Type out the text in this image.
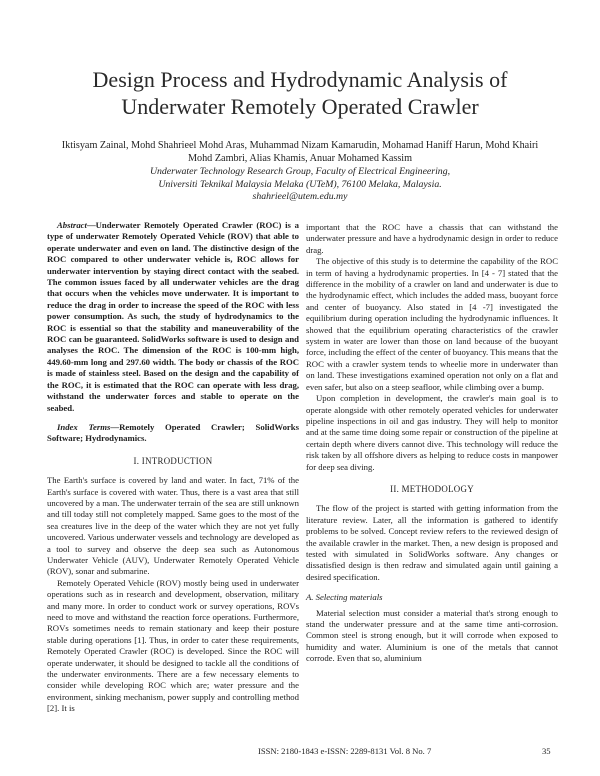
Design Process and Hydrodynamic Analysis of
Underwater Remotely Operated Crawler
Iktisyam Zainal, Mohd Shahrieel Mohd Aras, Muhammad Nizam Kamarudin, Mohamad Haniff Harun, Mohd Khairi
Mohd Zambri, Alias Khamis, Anuar Mohamed Kassim
Underwater Technology Research Group, Faculty of Electrical Engineering,
Universiti Teknikal Malaysia Melaka (UTeM), 76100 Melaka, Malaysia.
shahrieel@utem.edu.my

Abstract—Underwater Remotely Operated Crawler (ROC) is a type of underwater Remotely Operated Vehicle (ROV) that able to operate underwater and even on land. The distinctive design of the ROC compared to other underwater vehicle is, ROC allows for underwater intervention by staying direct contact with the seabed. The common issues faced by all underwater vehicles are the drag that occurs when the vehicles move underwater. It is important to reduce the drag in order to increase the speed of the ROC with less power consumption. As such, the study of hydrodynamics to the ROC is essential so that the stability and maneuverability of the ROC can be guaranteed. SolidWorks software is used to design and analyses the ROC. The dimension of the ROC is 100-mm high, 449.60-mm long and 297.60 width. The body or chassis of the ROC is made of stainless steel. Based on the design and the capability of the ROC, it is estimated that the ROC can operate with less drag, withstand the underwater forces and stable to operate on the seabed.

Index Terms—Remotely Operated Crawler; SolidWorks Software; Hydrodynamics.

I. INTRODUCTION

The Earth's surface is covered by land and water. In fact, 71% of the Earth's surface is covered with water. Thus, there is a vast area that still uncovered by a man. The underwater terrain of the sea are still unknown and till today still not completely mapped. Same goes to the most of the sea creatures live in the deep of the water which they are not yet fully uncovered. Various underwater vessels and technology are developed as a tool to survey and observe the deep sea such as Autonomous Underwater Vehicle (AUV), Underwater Remotely Operated Vehicle (ROV), sonar and submarine.

Remotely Operated Vehicle (ROV) mostly being used in underwater operations such as in research and development, observation, military and many more. In order to conduct work or survey operations, ROVs need to move and withstand the reaction force operations. Furthermore, ROVs sometimes needs to remain stationary and keep their posture stable during operations [1]. Thus, in order to cater these requirements, Remotely Operated Crawler (ROC) is developed. Since the ROC will operate underwater, it should be designed to tackle all the conditions of the underwater environments. There are a few necessary elements to consider while developing ROC which are; water pressure and the environment, sinking mechanism, power supply and controlling method [2]. It is

important that the ROC have a chassis that can withstand the underwater pressure and have a hydrodynamic design in order to reduce drag.

The objective of this study is to determine the capability of the ROC in term of having a hydrodynamic properties. In [4 - 7] stated that the difference in the mobility of a crawler on land and underwater is due to the hydrodynamic effect, which includes the added mass, buoyant force and center of buoyancy. Also stated in [4 -7] investigated the equilibrium during operation including the hydrodynamic influences. It showed that the equilibrium operating characteristics of the crawler system in water are lower than those on land because of the buoyant force, including the effect of the center of buoyancy. This means that the ROC with a crawler system tends to wheelie more in underwater than on land. These investigations examined operation not only on a flat and even safer, but also on a steep seafloor, while climbing over a bump.

Upon completion in development, the crawler's main goal is to operate alongside with other remotely operated vehicles for underwater pipeline inspections in oil and gas industry. They will help to monitor and at the same time doing some repair or construction of the pipeline at certain depth where divers cannot dive. This technology will reduce the risk taken by all offshore divers as helping to reduce costs in manpower for deep sea diving.

II. METHODOLOGY

The flow of the project is started with getting information from the literature review. Later, all the information is gathered to identify problems to be solved. Concept review refers to the reviewed design of the available crawler in the market. Then, a new design is proposed and tested with simulated in SolidWorks software. Any changes or dissatisfied design is then redraw and simulated again until gaining a desired specification.

A. Selecting materials

Material selection must consider a material that's strong enough to stand the underwater pressure and at the same time anti-corrosion. Common steel is strong enough, but it will corrode when exposed to humidity and water. Aluminium is one of the metals that cannot corrode. Even that so, aluminium

ISSN: 2180-1843 e-ISSN: 2289-8131 Vol. 8 No. 7	35
